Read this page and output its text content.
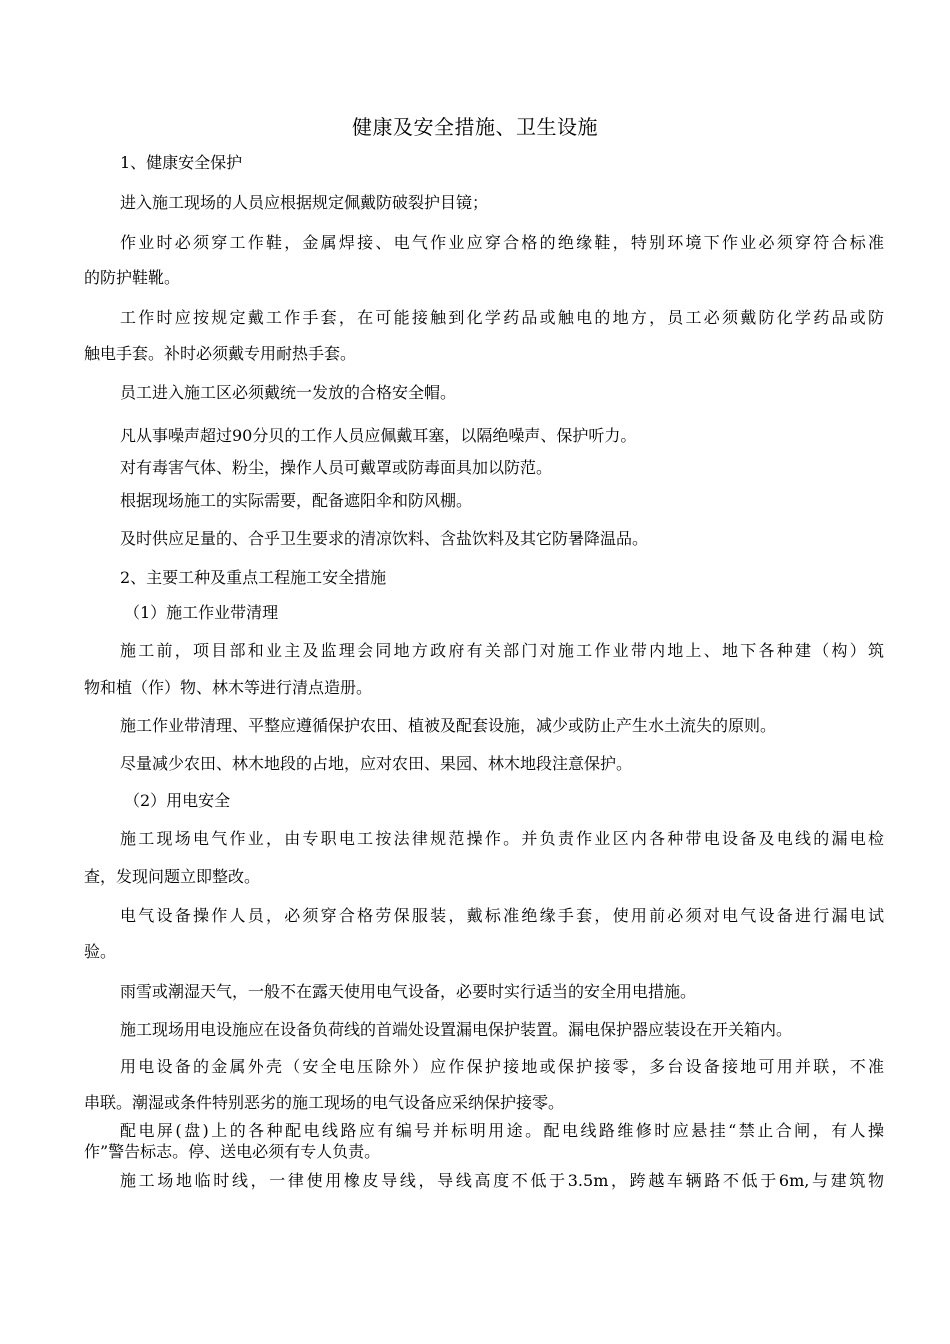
健康及安全措施、卫生设施
1、健康安全保护
进入施工现场的人员应根据规定佩戴防破裂护目镜；
作业时必须穿工作鞋，金属焊接、电气作业应穿合格的绝缘鞋，特别环境下作业必须穿符合标准
的防护鞋靴。
工作时应按规定戴工作手套，在可能接触到化学药品或触电的地方，员工必须戴防化学药品或防
触电手套。补时必须戴专用耐热手套。
员工进入施工区必须戴统一发放的合格安全帽。
凡从事噪声超过90分贝的工作人员应佩戴耳塞，以隔绝噪声、保护听力。
对有毒害气体、粉尘，操作人员可戴罩或防毒面具加以防范。
根据现场施工的实际需要，配备遮阳伞和防风棚。
及时供应足量的、合乎卫生要求的清凉饮料、含盐饮料及其它防暑降温品。
2、主要工种及重点工程施工安全措施
（1）施工作业带清理
施工前，项目部和业主及监理会同地方政府有关部门对施工作业带内地上、地下各种建（构）筑
物和植（作）物、林木等进行清点造册。
施工作业带清理、平整应遵循保护农田、植被及配套设施，减少或防止产生水土流失的原则。
尽量减少农田、林木地段的占地，应对农田、果园、林木地段注意保护。
（2）用电安全
施工现场电气作业，由专职电工按法律规范操作。并负责作业区内各种带电设备及电线的漏电检
查，发现问题立即整改。
电气设备操作人员，必须穿合格劳保服装，戴标准绝缘手套，使用前必须对电气设备进行漏电试
验。
雨雪或潮湿天气，一般不在露天使用电气设备，必要时实行适当的安全用电措施。
施工现场用电设施应在设备负荷线的首端处设置漏电保护装置。漏电保护器应装设在开关箱内。
用电设备的金属外壳（安全电压除外）应作保护接地或保护接零，多台设备接地可用并联，不准
串联。潮湿或条件特别恶劣的施工现场的电气设备应采纳保护接零。
配电屏(盘)上的各种配电线路应有编号并标明用途。配电线路维修时应悬挂“禁止合闸，有人操
作”警告标志。停、送电必须有专人负责。
施工场地临时线，一律使用橡皮导线，导线高度不低于3.5m，跨越车辆路不低于6m,与建筑物
